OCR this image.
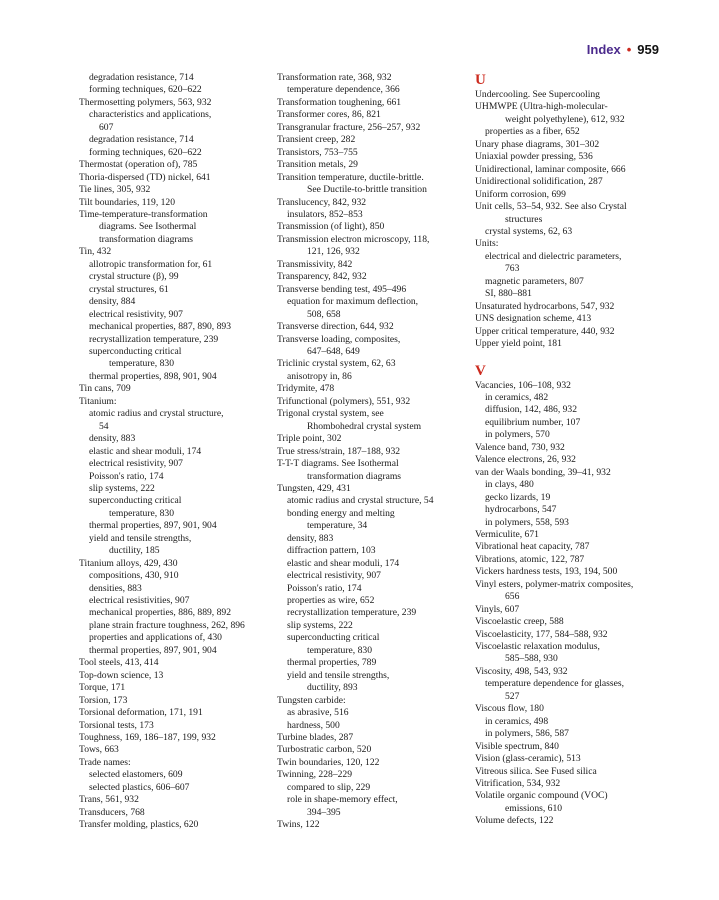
Index • 959
degradation resistance, 714
forming techniques, 620–622
Thermosetting polymers, 563, 932
characteristics and applications,
607
degradation resistance, 714
forming techniques, 620–622
Thermostat (operation of), 785
Thoria-dispersed (TD) nickel, 641
Tie lines, 305, 932
Tilt boundaries, 119, 120
Time-temperature-transformation
diagrams. See Isothermal
transformation diagrams
Tin, 432
allotropic transformation for, 61
crystal structure (β), 99
crystal structures, 61
density, 884
electrical resistivity, 907
mechanical properties, 887, 890, 893
recrystallization temperature, 239
superconducting critical
temperature, 830
thermal properties, 898, 901, 904
Tin cans, 709
Titanium:
atomic radius and crystal structure,
54
density, 883
elastic and shear moduli, 174
electrical resistivity, 907
Poisson's ratio, 174
slip systems, 222
superconducting critical
temperature, 830
thermal properties, 897, 901, 904
yield and tensile strengths,
ductility, 185
Titanium alloys, 429, 430
compositions, 430, 910
densities, 883
electrical resistivities, 907
mechanical properties, 886, 889, 892
plane strain fracture toughness, 262, 896
properties and applications of, 430
thermal properties, 897, 901, 904
Tool steels, 413, 414
Top-down science, 13
Torque, 171
Torsion, 173
Torsional deformation, 171, 191
Torsional tests, 173
Toughness, 169, 186–187, 199, 932
Tows, 663
Trade names:
selected elastomers, 609
selected plastics, 606–607
Trans, 561, 932
Transducers, 768
Transfer molding, plastics, 620
Transformation rate, 368, 932
temperature dependence, 366
Transformation toughening, 661
Transformer cores, 86, 821
Transgranular fracture, 256–257, 932
Transient creep, 282
Transistors, 753–755
Transition metals, 29
Transition temperature, ductile-brittle.
See Ductile-to-brittle transition
Translucency, 842, 932
insulators, 852–853
Transmission (of light), 850
Transmission electron microscopy, 118,
121, 126, 932
Transmissivity, 842
Transparency, 842, 932
Transverse bending test, 495–496
equation for maximum deflection,
508, 658
Transverse direction, 644, 932
Transverse loading, composites,
647–648, 649
Triclinic crystal system, 62, 63
anisotropy in, 86
Tridymite, 478
Trifunctional (polymers), 551, 932
Trigonal crystal system, see
Rhombohedral crystal system
Triple point, 302
True stress/strain, 187–188, 932
T-T-T diagrams. See Isothermal
transformation diagrams
Tungsten, 429, 431
atomic radius and crystal structure, 54
bonding energy and melting
temperature, 34
density, 883
diffraction pattern, 103
elastic and shear moduli, 174
electrical resistivity, 907
Poisson's ratio, 174
properties as wire, 652
recrystallization temperature, 239
slip systems, 222
superconducting critical
temperature, 830
thermal properties, 789
yield and tensile strengths,
ductility, 893
Tungsten carbide:
as abrasive, 516
hardness, 500
Turbine blades, 287
Turbostratic carbon, 520
Twin boundaries, 120, 122
Twinning, 228–229
compared to slip, 229
role in shape-memory effect,
394–395
Twins, 122
U
Undercooling. See Supercooling
UHMWPE (Ultra-high-molecular-
weight polyethylene), 612, 932
properties as a fiber, 652
Unary phase diagrams, 301–302
Uniaxial powder pressing, 536
Unidirectional, laminar composite, 666
Unidirectional solidification, 287
Uniform corrosion, 699
Unit cells, 53–54, 932. See also Crystal
structures
crystal systems, 62, 63
Units:
electrical and dielectric parameters,
763
magnetic parameters, 807
SI, 880–881
Unsaturated hydrocarbons, 547, 932
UNS designation scheme, 413
Upper critical temperature, 440, 932
Upper yield point, 181
V
Vacancies, 106–108, 932
in ceramics, 482
diffusion, 142, 486, 932
equilibrium number, 107
in polymers, 570
Valence band, 730, 932
Valence electrons, 26, 932
van der Waals bonding, 39–41, 932
in clays, 480
gecko lizards, 19
hydrocarbons, 547
in polymers, 558, 593
Vermiculite, 671
Vibrational heat capacity, 787
Vibrations, atomic, 122, 787
Vickers hardness tests, 193, 194, 500
Vinyl esters, polymer-matrix composites,
656
Vinyls, 607
Viscoelastic creep, 588
Viscoelasticity, 177, 584–588, 932
Viscoelastic relaxation modulus,
585–588, 930
Viscosity, 498, 543, 932
temperature dependence for glasses,
527
Viscous flow, 180
in ceramics, 498
in polymers, 586, 587
Visible spectrum, 840
Vision (glass-ceramic), 513
Vitreous silica. See Fused silica
Vitrification, 534, 932
Volatile organic compound (VOC)
emissions, 610
Volume defects, 122
